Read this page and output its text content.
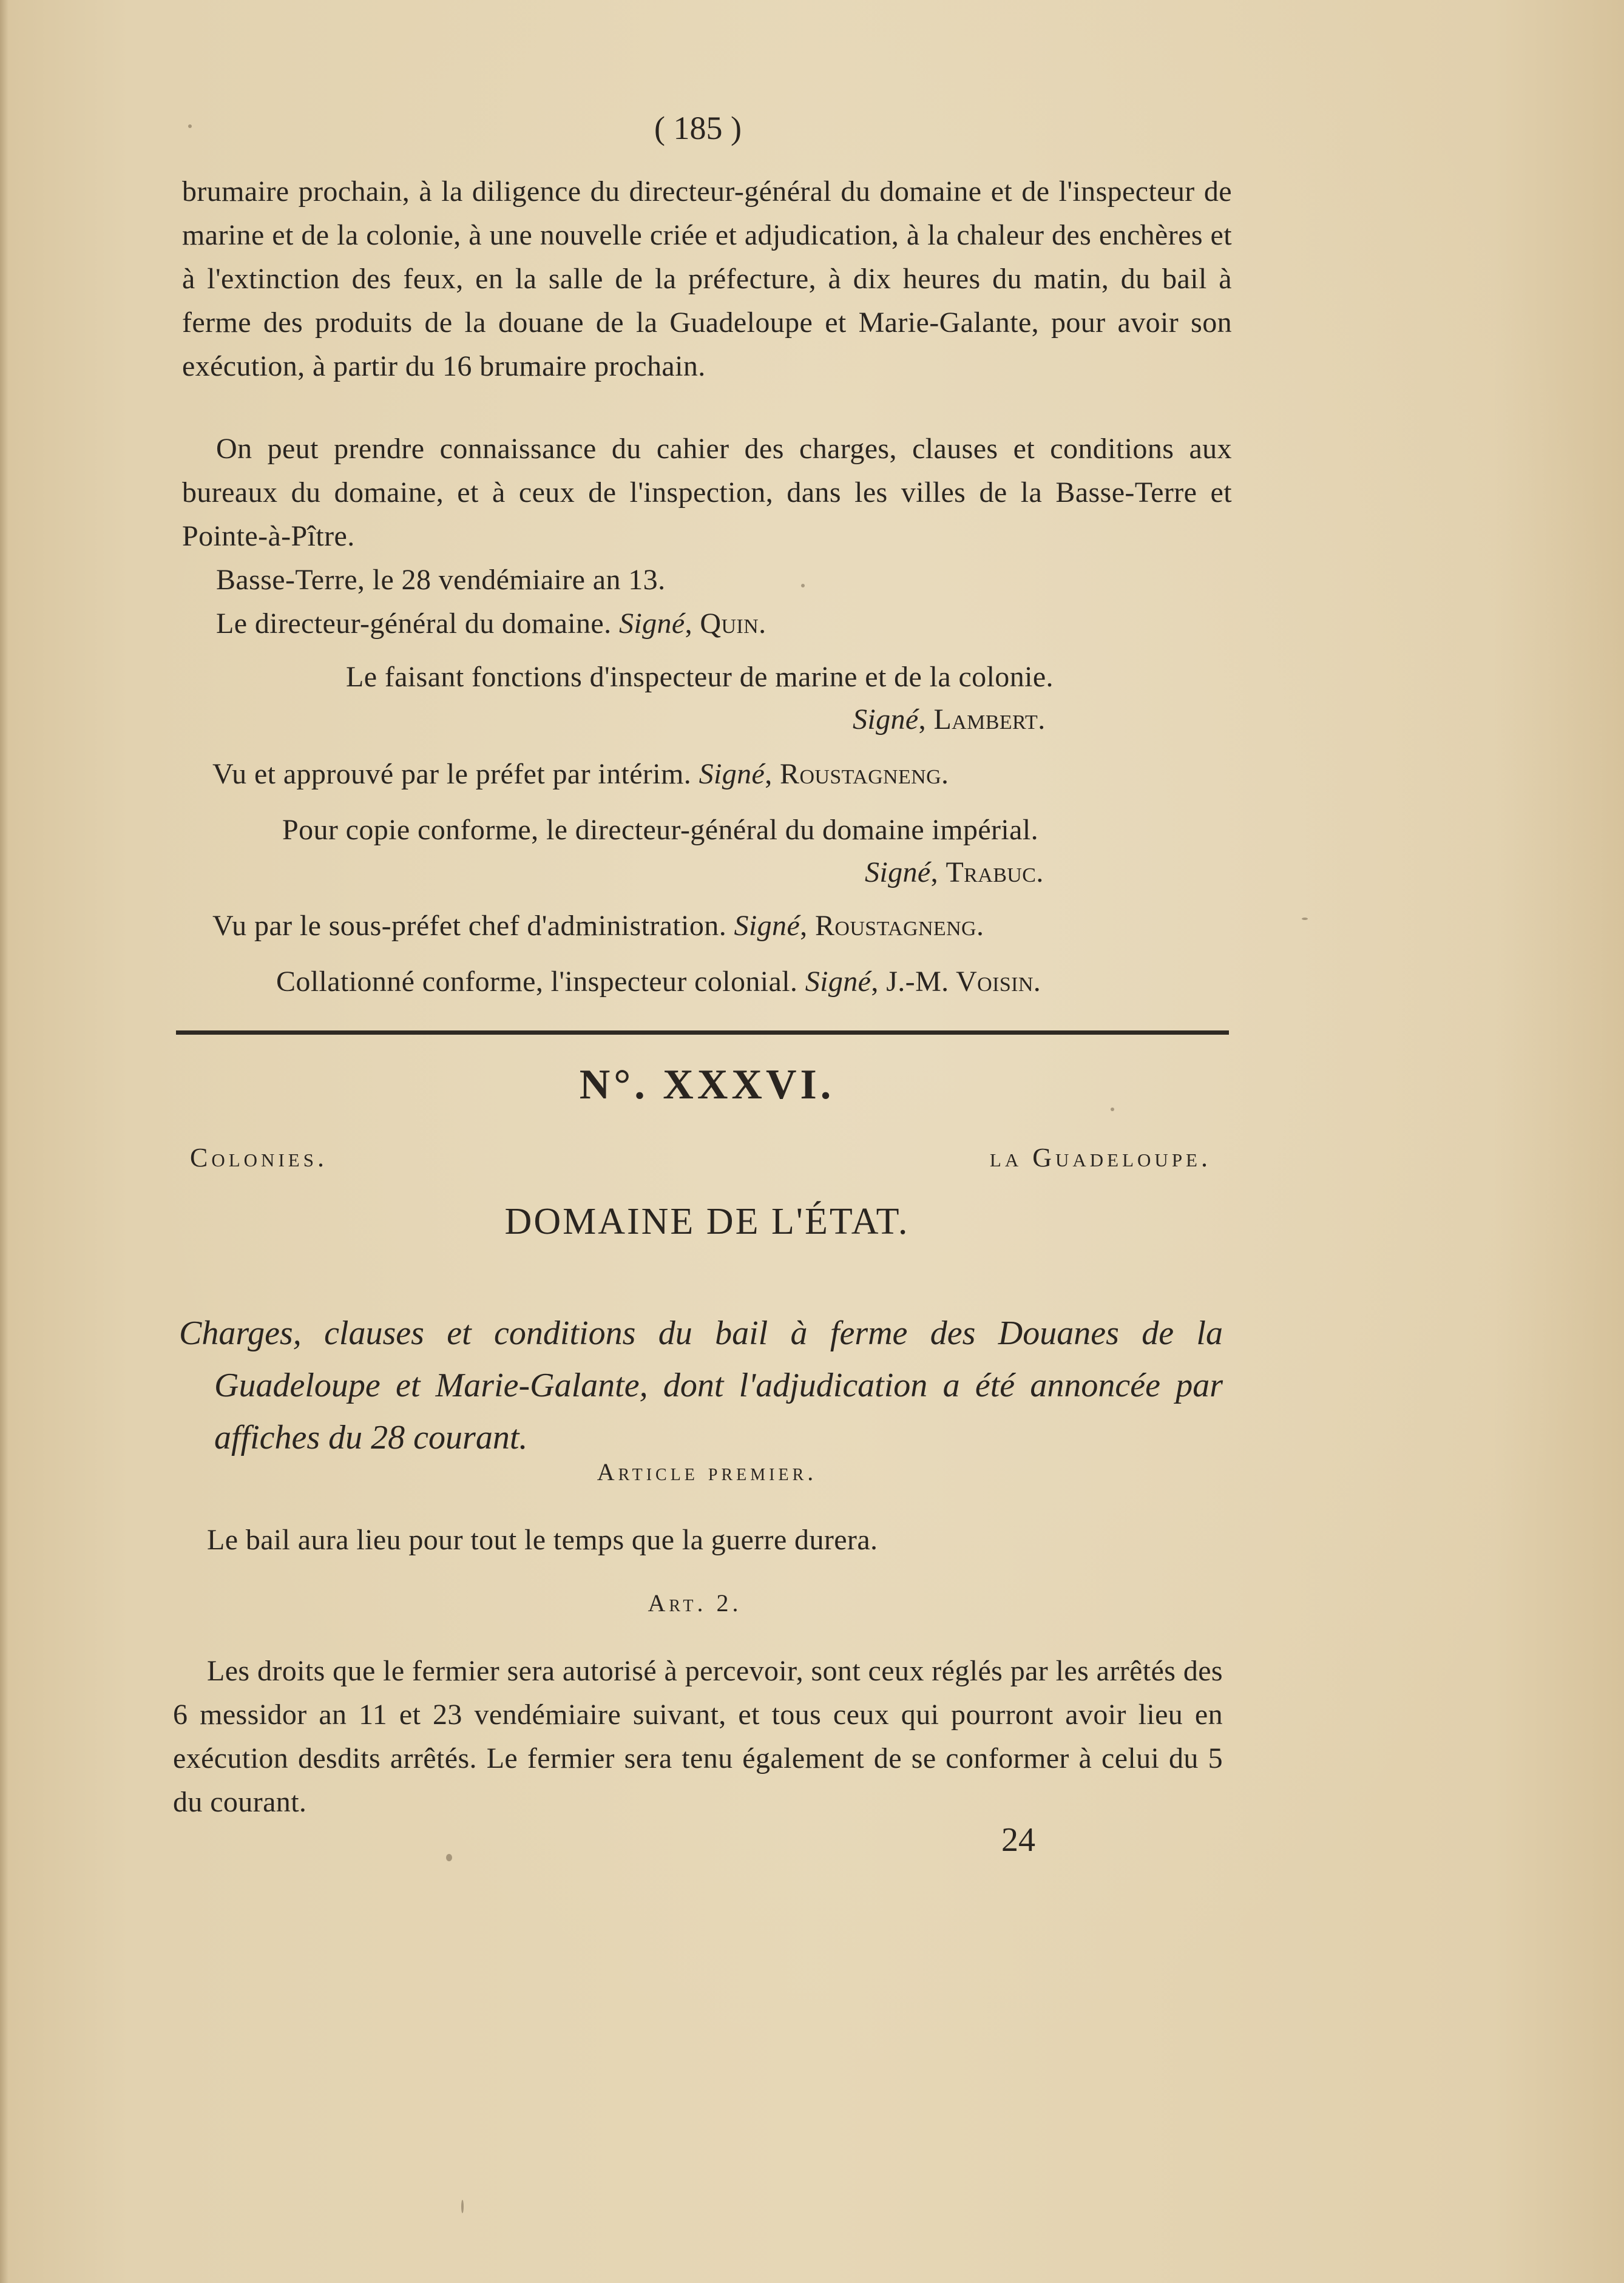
( 185 )

brumaire prochain, à la diligence du directeur-général du domaine et de l'inspecteur de marine et de la colonie, à une nouvelle criée et adjudication, à la chaleur des enchères et à l'extinction des feux, en la salle de la préfecture, à dix heures du matin, du bail à ferme des produits de la douane de la Guadeloupe et Marie-Galante, pour avoir son exécution, à partir du 16 brumaire prochain.

On peut prendre connaissance du cahier des charges, clauses et conditions aux bureaux du domaine, et à ceux de l'inspection, dans les villes de la Basse-Terre et Pointe-à-Pître.

Basse-Terre, le 28 vendémiaire an 13.

Le directeur-général du domaine. Signé, Quin.

Le faisant fonctions d'inspecteur de marine et de la colonie.

Signé, Lambert.

Vu et approuvé par le préfet par intérim. Signé, Roustagneng.

Pour copie conforme, le directeur-général du domaine impérial.

Signé, Trabuc.

Vu par le sous-préfet chef d'administration. Signé, Roustagneng.

Collationné conforme, l'inspecteur colonial. Signé, J.-M. Voisin.

N°. XXXVI.
Colonies.	la Guadeloupe.
DOMAINE DE L'ÉTAT.

Charges, clauses et conditions du bail à ferme des Douanes de la Guadeloupe et Marie-Galante, dont l'adjudication a été annoncée par affiches du 28 courant.

Article premier.

Le bail aura lieu pour tout le temps que la guerre durera.

Art. 2.

Les droits que le fermier sera autorisé à percevoir, sont ceux réglés par les arrêtés des 6 messidor an 11 et 23 vendémiaire suivant, et tous ceux qui pourront avoir lieu en exécution desdits arrêtés. Le fermier sera tenu également de se conformer à celui du 5 du courant.

24
